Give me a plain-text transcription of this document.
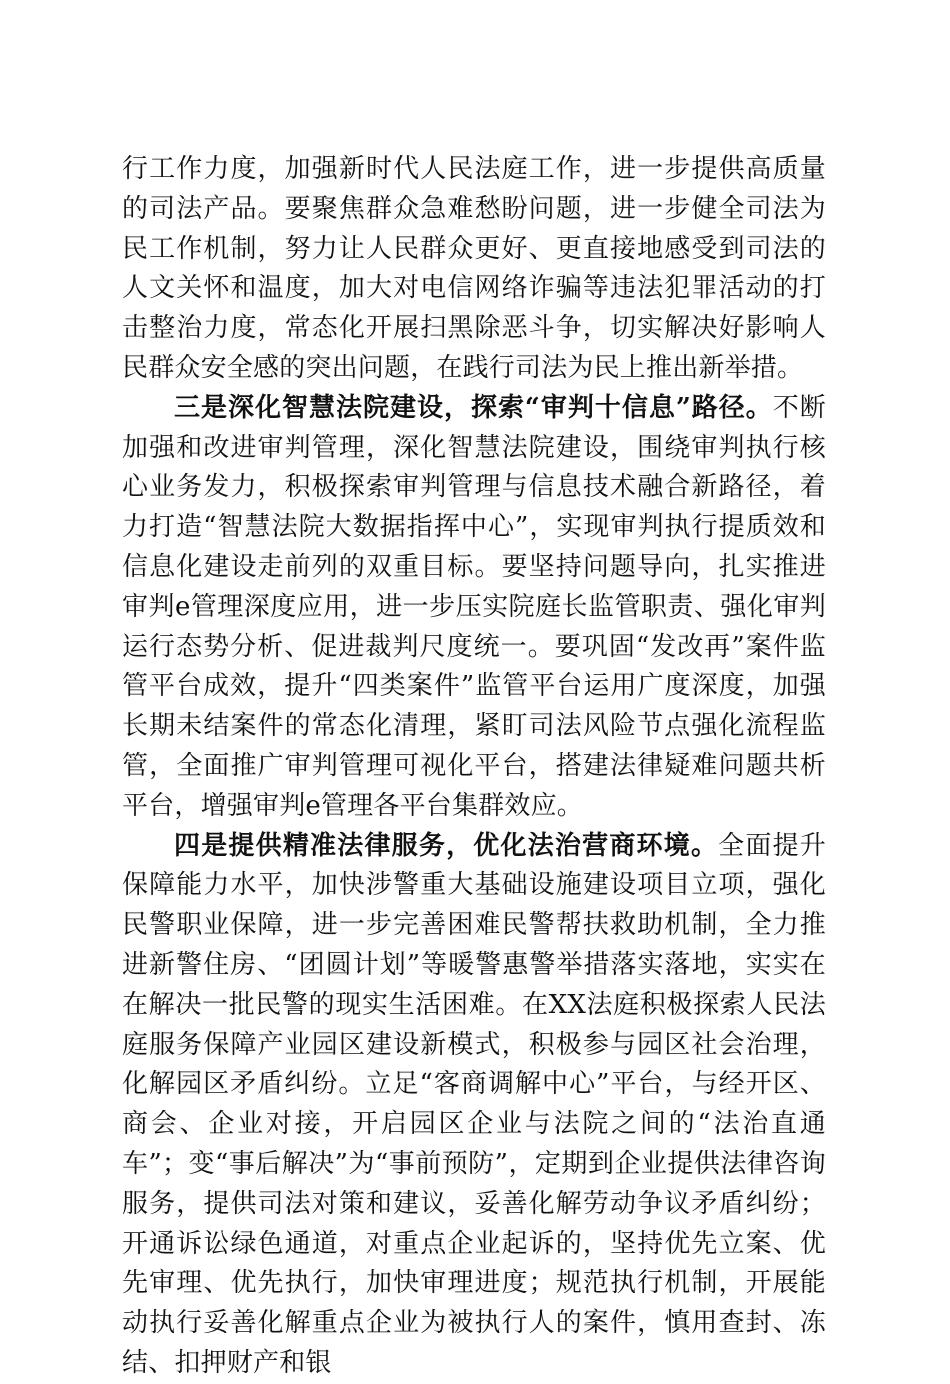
行工作力度，加强新时代人民法庭工作，进一步提供高质量的司法产品。要聚焦群众急难愁盼问题，进一步健全司法为民工作机制，努力让人民群众更好、更直接地感受到司法的人文关怀和温度，加大对电信网络诈骗等违法犯罪活动的打击整治力度，常态化开展扫黑除恶斗争，切实解决好影响人民群众安全感的突出问题，在践行司法为民上推出新举措。

三是深化智慧法院建设，探索“审判十信息”路径。不断加强和改进审判管理，深化智慧法院建设，围绕审判执行核心业务发力，积极探索审判管理与信息技术融合新路径，着力打造“智慧法院大数据指挥中心”，实现审判执行提质效和信息化建设走前列的双重目标。要坚持问题导向，扎实推进审判e管理深度应用，进一步压实院庭长监管职责、强化审判运行态势分析、促进裁判尺度统一。要巩固“发改再”案件监管平台成效，提升“四类案件”监管平台运用广度深度，加强长期未结案件的常态化清理，紧盯司法风险节点强化流程监管，全面推广审判管理可视化平台，搭建法律疑难问题共析平台，增强审判e管理各平台集群效应。

四是提供精准法律服务，优化法治营商环境。全面提升保障能力水平，加快涉警重大基础设施建设项目立项，强化民警职业保障，进一步完善困难民警帮扶救助机制，全力推进新警住房、“团圆计划”等暖警惠警举措落实落地，实实在在解决一批民警的现实生活困难。在XX法庭积极探索人民法庭服务保障产业园区建设新模式，积极参与园区社会治理，化解园区矛盾纠纷。立足“客商调解中心”平台，与经开区、商会、企业对接，开启园区企业与法院之间的“法治直通车”；变“事后解决”为“事前预防”，定期到企业提供法律咨询服务，提供司法对策和建议，妥善化解劳动争议矛盾纠纷；开通诉讼绿色通道，对重点企业起诉的，坚持优先立案、优先审理、优先执行，加快审理进度；规范执行机制，开展能动执行妥善化解重点企业为被执行人的案件，慎用查封、冻结、扣押财产和银
